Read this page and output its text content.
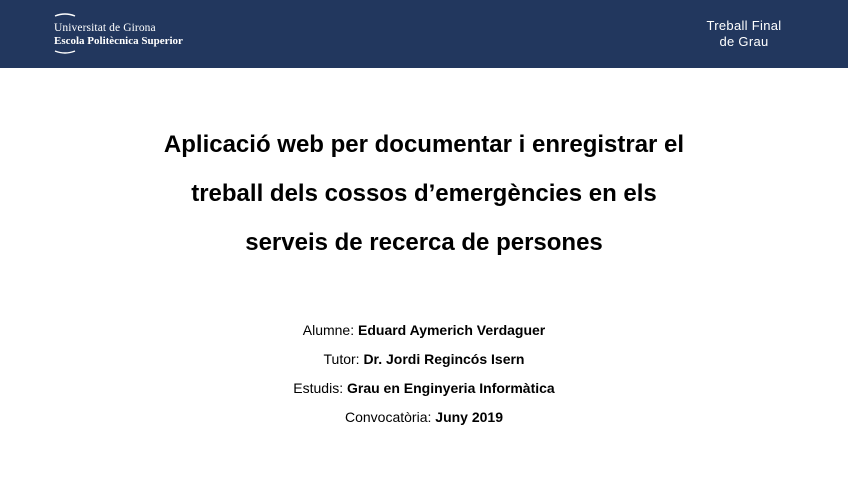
Universitat de Girona
Escola Politècnica Superior
Treball Final
de Grau
Aplicació web per documentar i enregistrar el
treball dels cossos d’emergències en els
serveis de recerca de persones
Alumne: Eduard Aymerich Verdaguer
Tutor: Dr. Jordi Regincós Isern
Estudis: Grau en Enginyeria Informàtica
Convocatòria: Juny 2019
